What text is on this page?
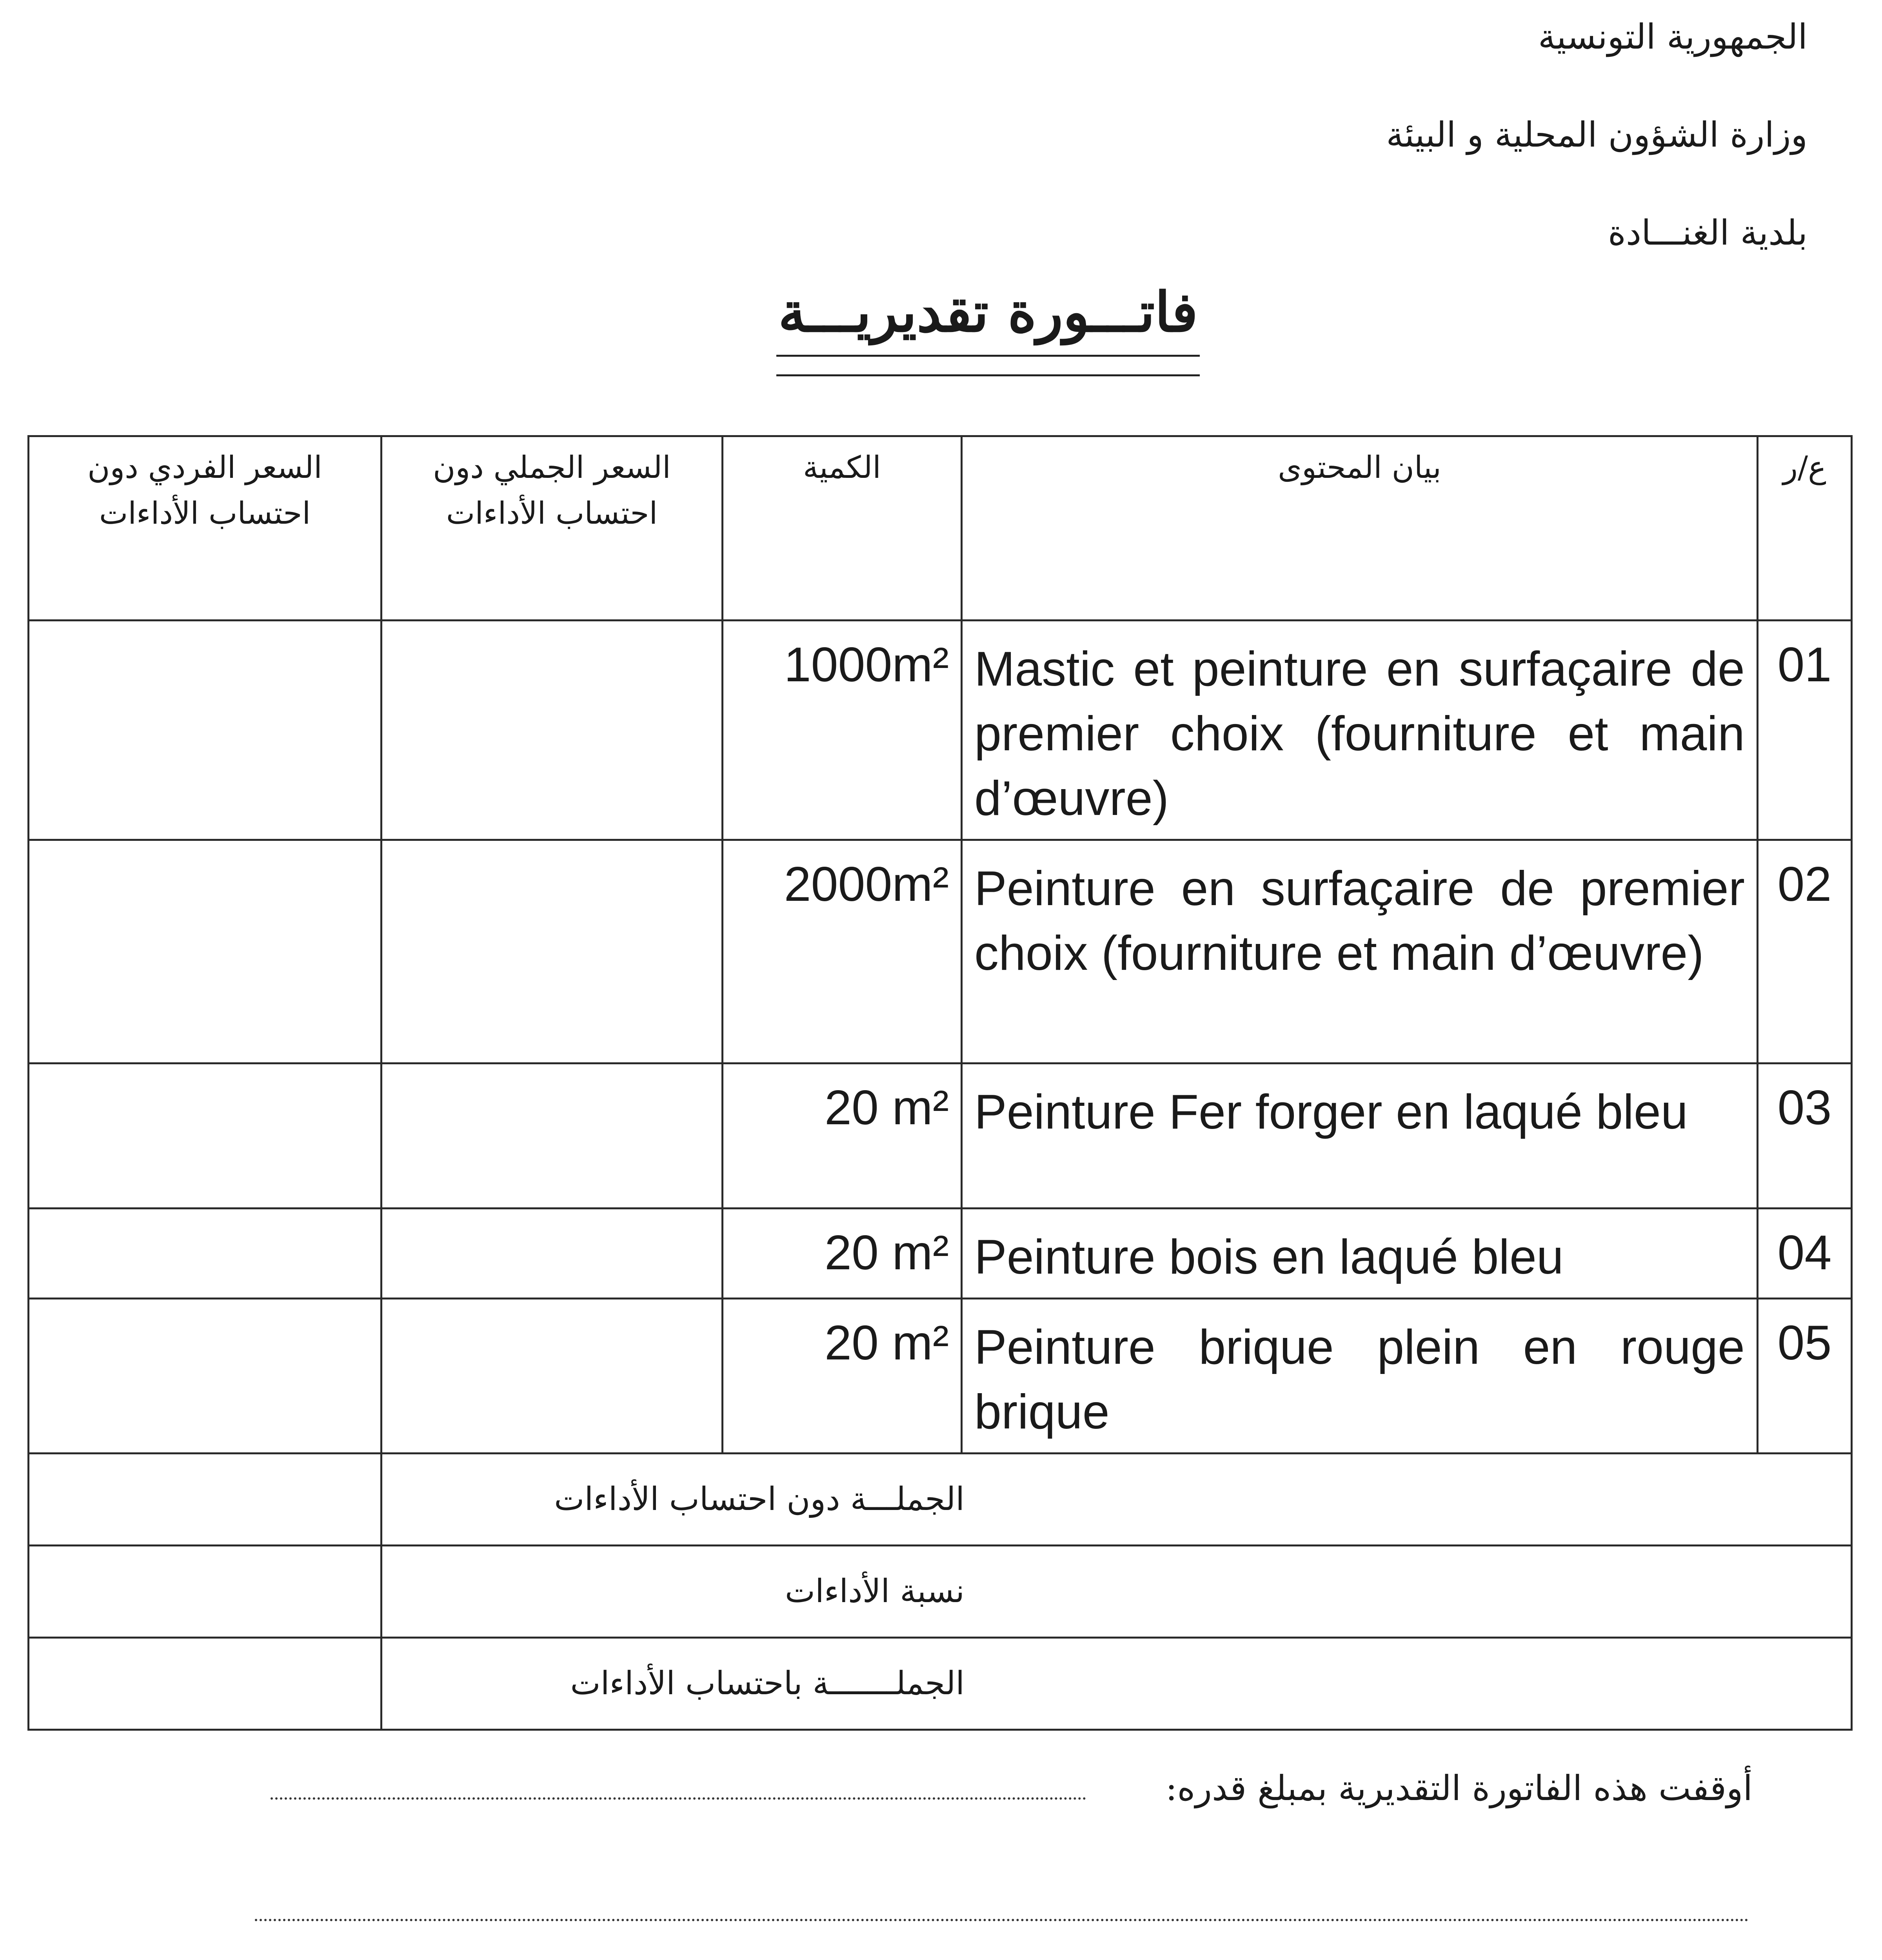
الجمهورية التونسية
وزارة الشؤون المحلية و البيئة
بلدية الغنـــادة
فاتـــورة تقديريـــة
السعر الفردي دون احتساب الأداءات	السعر الجملي دون احتساب الأداءات	الكمية	بيان المحتوى	ع/ر
		1000m²	Mastic et peinture en surfaçaire de premier choix (fourniture et main d’œuvre)	01
		2000m²	Peinture en surfaçaire de premier choix (fourniture et main d’œuvre)	02
		20 m²	Peinture Fer forger en laqué bleu	03
		20 m²	Peinture bois en laqué bleu	04
		20 m²	Peinture brique plein en rouge brique	05
	الجملـــة دون احتساب الأداءات			
	نسبة الأداءات			
	الجملـــــــة باحتساب الأداءات			
أوقفت هذه الفاتورة التقديرية بمبلغ قدره:
